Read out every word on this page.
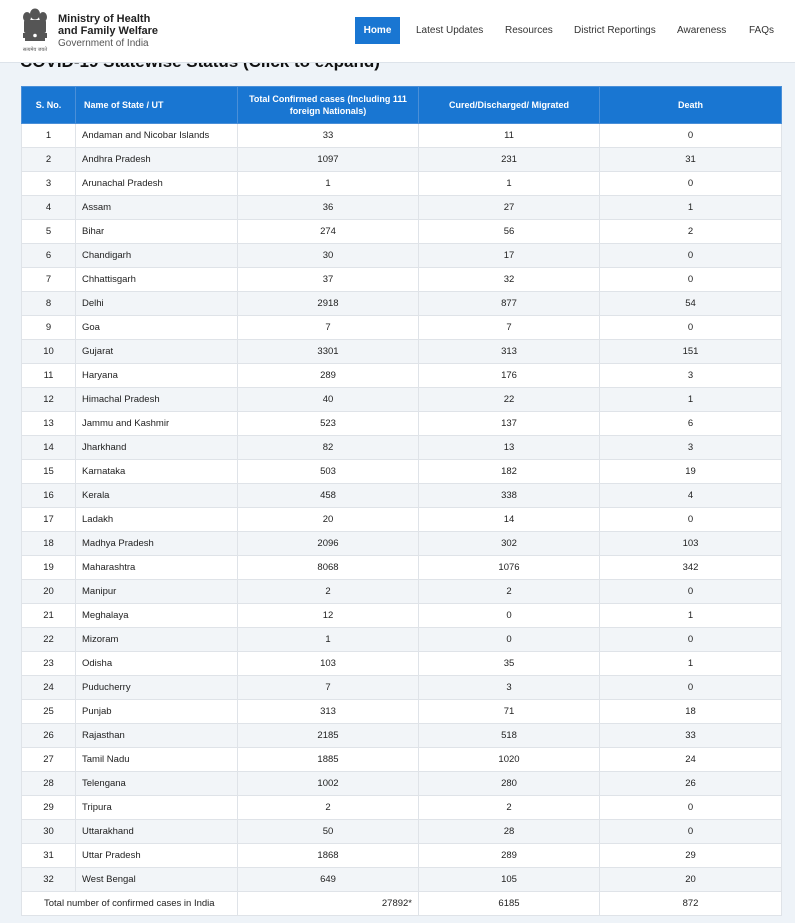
सत्यमेव जयते
Ministry of Health
and Family Welfare
Government of India
Home	Latest Updates Resources District Reportings Awareness FAQs
S. No.	Name of State / UT	Total Confirmed cases (Including 111 foreign Nationals)	Cured/Discharged/ Migrated	Death
1	Andaman and Nicobar Islands	33	11	0
2	Andhra Pradesh	1097	231	31
3	Arunachal Pradesh	1	1	0
4	Assam	36	27	1
5	Bihar	274	56	2
6	Chandigarh	30	17	0
7	Chhattisgarh	37	32	0
8	Delhi	2918	877	54
9	Goa	7	7	0
10	Gujarat	3301	313	151
11	Haryana	289	176	3
12	Himachal Pradesh	40	22	1
13	Jammu and Kashmir	523	137	6
14	Jharkhand	82	13	3
15	Karnataka	503	182	19
16	Kerala	458	338	4
17	Ladakh	20	14	0
18	Madhya Pradesh	2096	302	103
19	Maharashtra	8068	1076	342
20	Manipur	2	2	0
21	Meghalaya	12	0	1
22	Mizoram	1	0	0
23	Odisha	103	35	1
24	Puducherry	7	3	0
25	Punjab	313	71	18
26	Rajasthan	2185	518	33
27	Tamil Nadu	1885	1020	24
28	Telengana	1002	280	26
29	Tripura	2	2	0
30	Uttarakhand	50	28	0
31	Uttar Pradesh	1868	289	29
32	West Bengal	649	105	20
Total number of confirmed cases in India		27892*	6185	872
